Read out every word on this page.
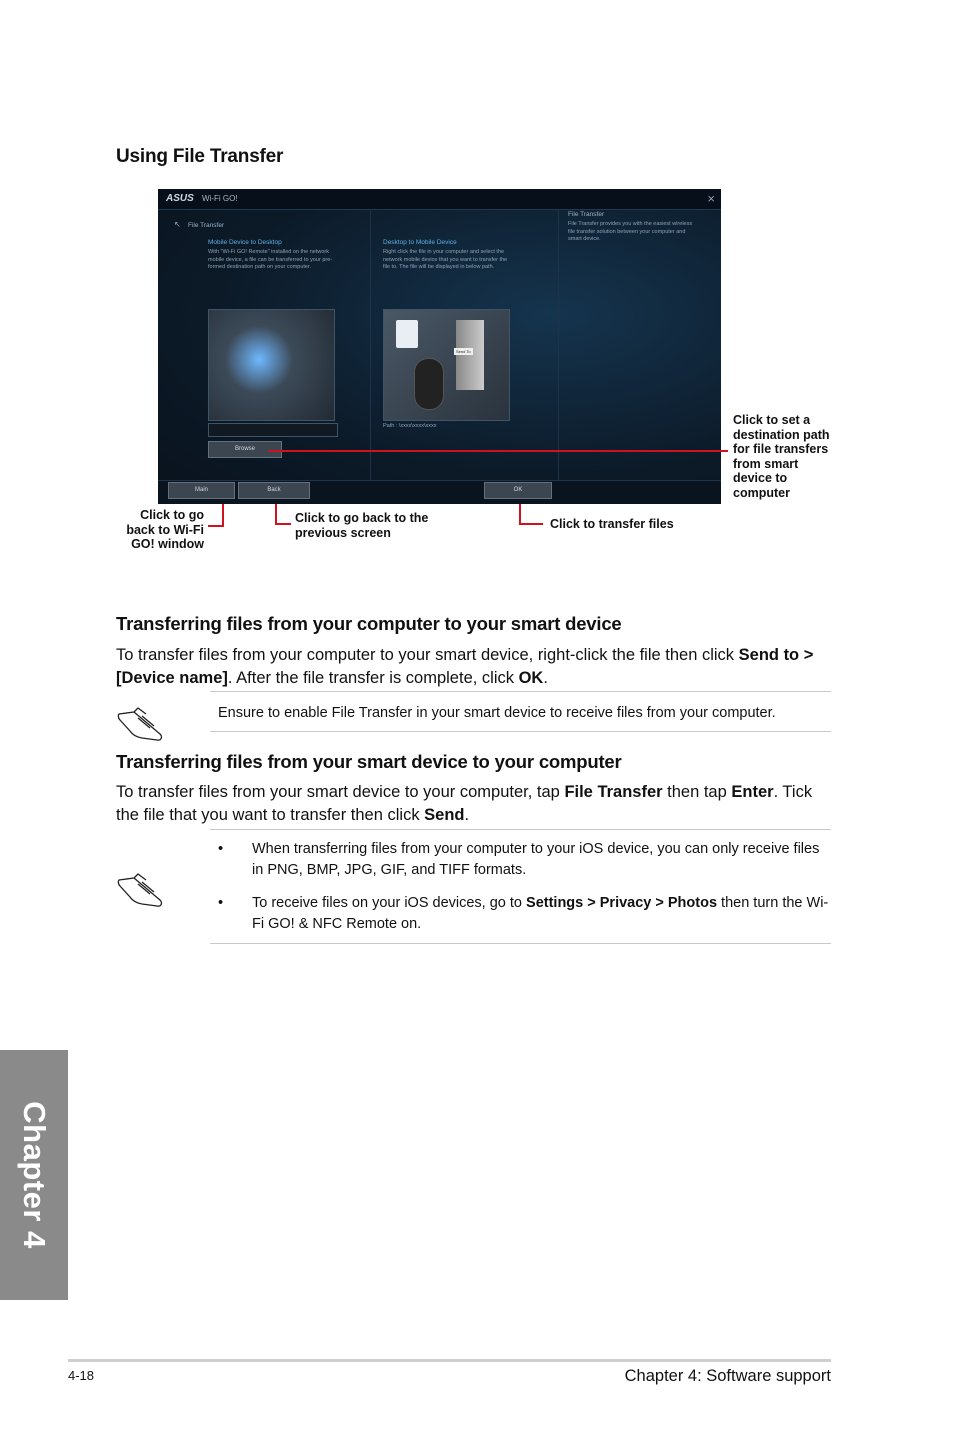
Using File Transfer
ASUS Wi-Fi GO!	×
File Transfer
↖
Mobile Device to Desktop
With "Wi-Fi GO! Remote" installed on the network mobile device, a file can be transferred to your pre-formed destination path on your computer.
Browse
Desktop to Mobile Device
Right click the file in your computer and select the network mobile device that you want to transfer the file to. The file will be displayed in below path.
Send To
Path : \xxxx\xxxx\xxxx
File Transfer
File Transfer provides you with the easiest wireless file transfer solution between your computer and smart device.
Main	Back	OK
Click to set a destination path for file transfers from smart device to computer
Click to go back to Wi-Fi GO! window
Click to go back to the previous screen
Click to transfer files
Transferring files from your computer to your smart device
To transfer files from your computer to your smart device, right-click the file then click Send to > [Device name]. After the file transfer is complete, click OK.
Ensure to enable File Transfer in your smart device to receive files from your computer.
Transferring files from your smart device to your computer
To transfer files from your smart device to your computer, tap File Transfer then tap Enter. Tick the file that you want to transfer then click Send.
• When transferring files from your computer to your iOS device, you can only receive files in PNG, BMP, JPG, GIF, and TIFF formats.
• To receive files on your iOS devices, go to Settings > Privacy > Photos then turn the Wi-Fi GO! & NFC Remote on.
Chapter 4
4-18	Chapter 4: Software support
